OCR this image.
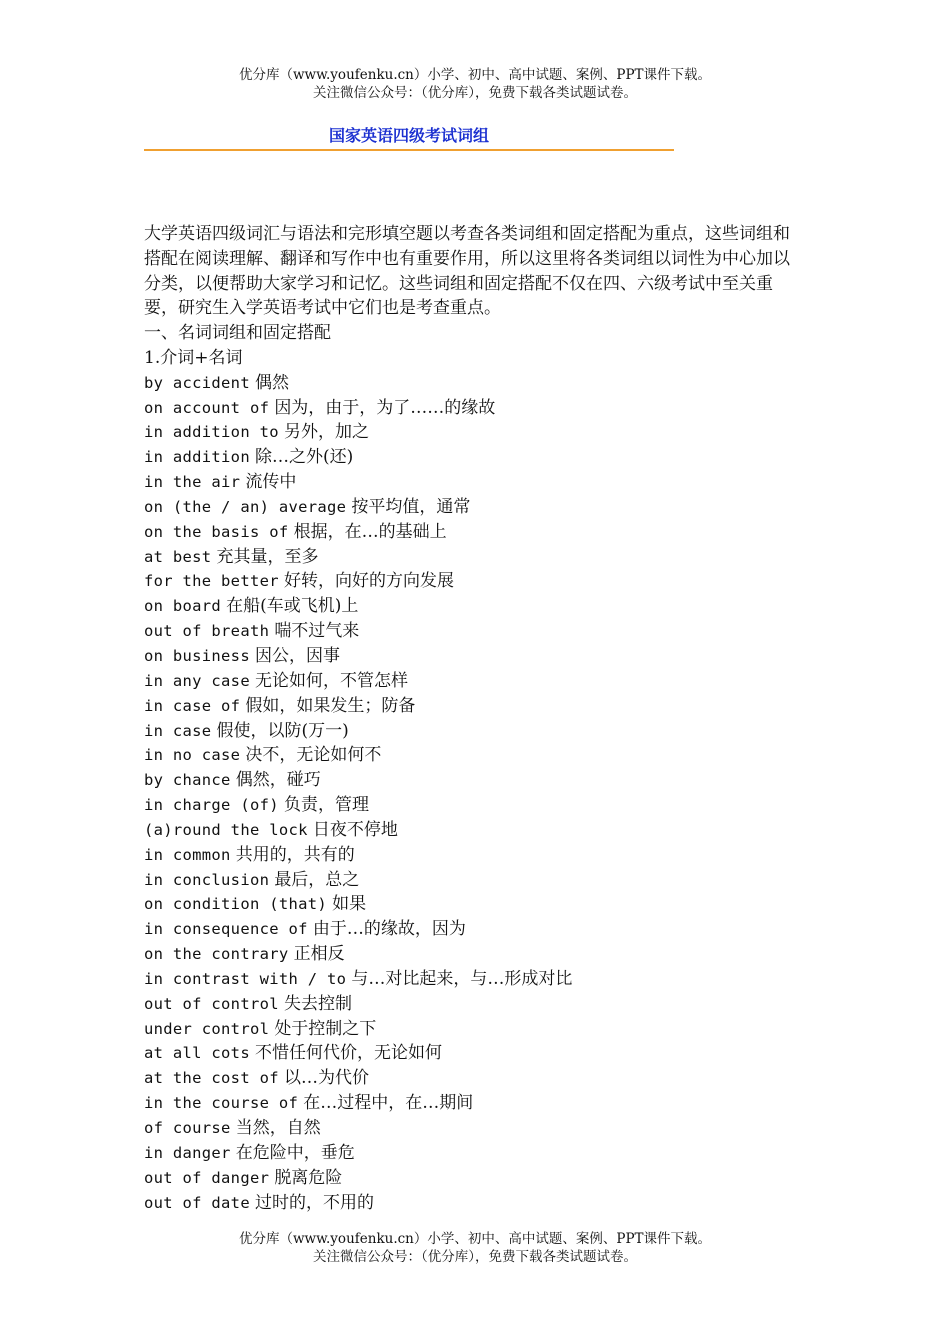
优分库（www.youfenku.cn）小学、初中、高中试题、案例、PPT课件下载。
关注微信公众号：（优分库），免费下载各类试题试卷。
国家英语四级考试词组

大学英语四级词汇与语法和完形填空题以考查各类词组和固定搭配为重点，这些词组和搭配在阅读理解、翻译和写作中也有重要作用，所以这里将各类词组以词性为中心加以分类，以便帮助大家学习和记忆。这些词组和固定搭配不仅在四、六级考试中至关重要，研究生入学英语考试中它们也是考查重点。

一、名词词组和固定搭配
1.介词+名词
by accident 偶然
on account of 因为，由于，为了……的缘故
in addition to 另外，加之
in addition 除…之外(还)
in the air 流传中
on (the / an) average 按平均值，通常
on the basis of 根据，在…的基础上
at best 充其量，至多
for the better 好转，向好的方向发展
on board 在船(车或飞机)上
out of breath 喘不过气来
on business 因公，因事
in any case 无论如何，不管怎样
in case of 假如，如果发生；防备
in case 假使，以防(万一)
in no case 决不，无论如何不
by chance 偶然，碰巧
in charge (of) 负责，管理
(a)round the lock 日夜不停地
in common 共用的，共有的
in conclusion 最后，总之
on condition (that) 如果
in consequence of 由于…的缘故，因为
on the contrary 正相反
in contrast with / to 与…对比起来，与…形成对比
out of control 失去控制
under control 处于控制之下
at all cots 不惜任何代价，无论如何
at the cost of 以…为代价
in the course of 在…过程中，在…期间
of course 当然，自然
in danger 在危险中，垂危
out of danger 脱离危险
out of date 过时的，不用的
优分库（www.youfenku.cn）小学、初中、高中试题、案例、PPT课件下载。
关注微信公众号：（优分库），免费下载各类试题试卷。
